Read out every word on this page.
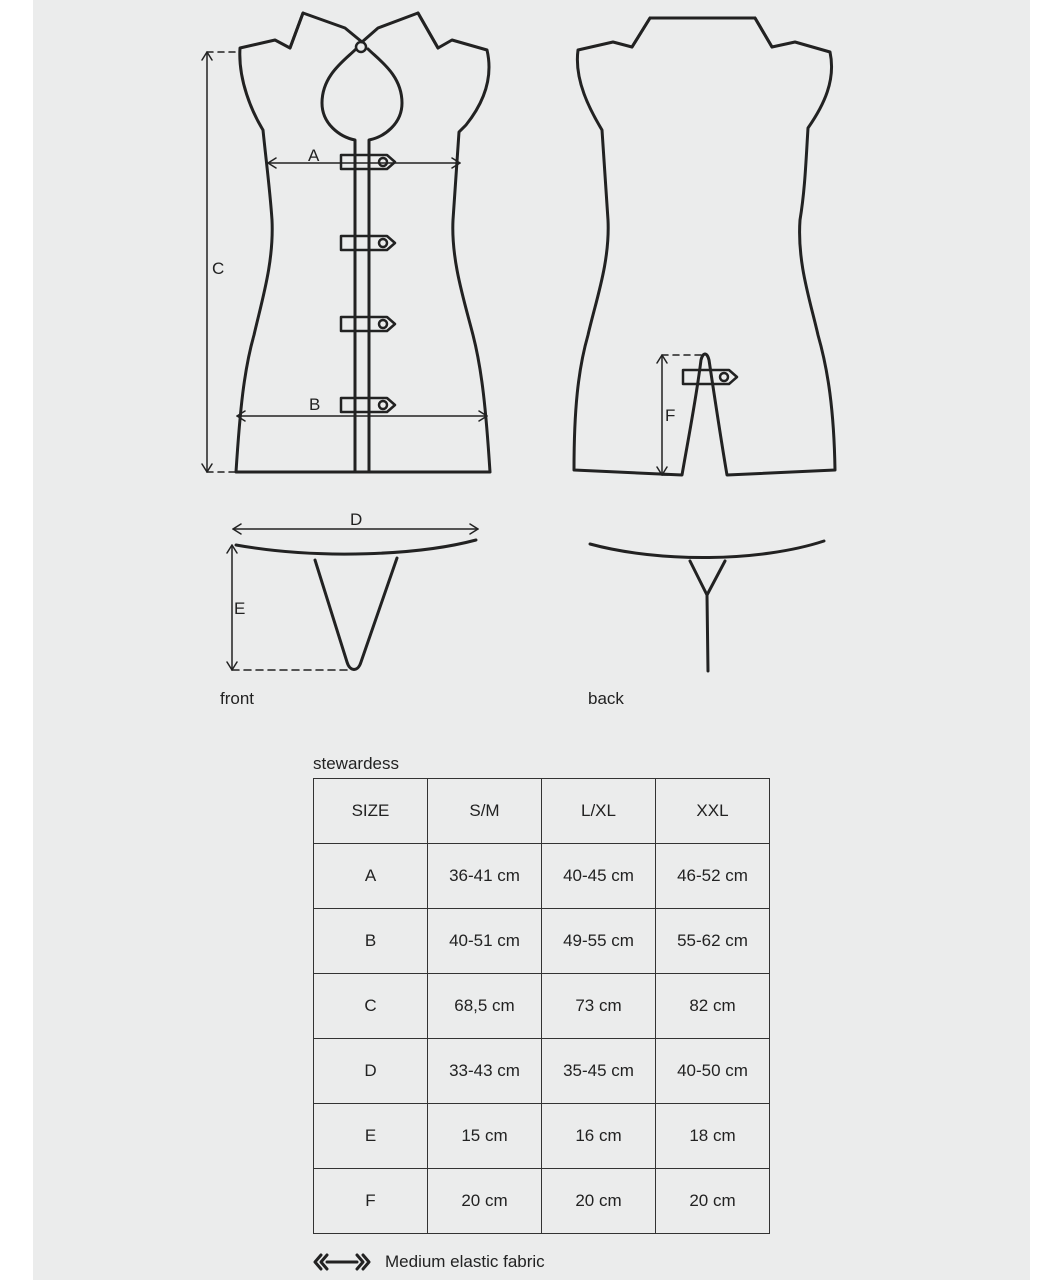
A
B
C
D
E
F
front	back
stewardess
SIZE	S/M	L/XL	XXL
A	36-41 cm	40-45 cm	46-52 cm
B	40-51 cm	49-55 cm	55-62 cm
C	68,5 cm	73 cm	82 cm
D	33-43 cm	35-45 cm	40-50 cm
E	15 cm	16 cm	18 cm
F	20 cm	20 cm	20 cm
Medium elastic fabric
